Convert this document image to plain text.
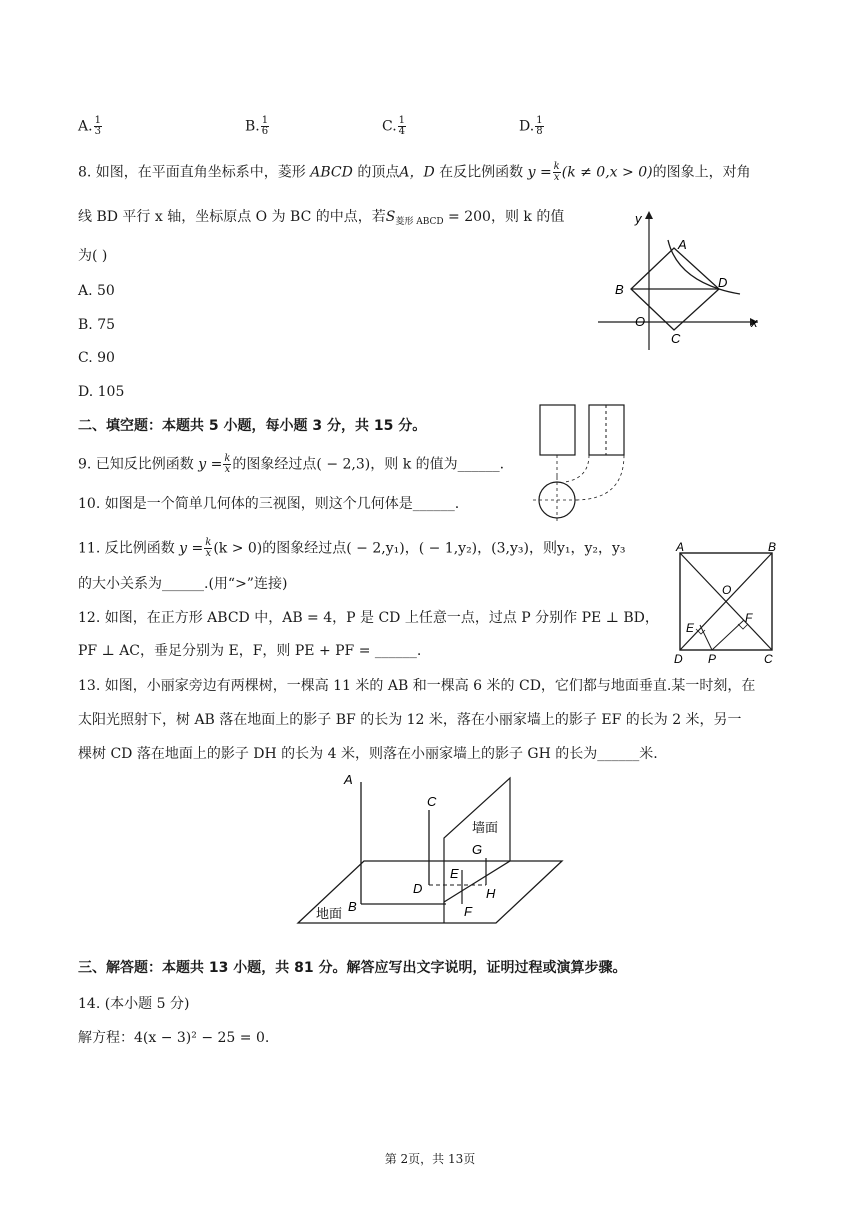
A. $\frac{1}{3}$	B. $\frac{1}{6}$	C. $\frac{1}{4}$	D. $\frac{1}{8}$
8. 如图，在平面直角坐标系中，菱形 ABCD 的顶点A，D 在反比例函数 $y = \frac{k}{x} (k \ne 0,x > 0)$的图象上，对角
线 BD 平行 x 轴，坐标原点 O 为 BC 的中点，若$S_{菱形 ABCD} = 200$，则 k 的值
为( )
A. 50
B. 75
C. 90
D. 105
y
x
A
B	D
O
C
二、填空题：本题共 5 小题，每小题 3 分，共 15 分。
9. 已知反比例函数 $y = \frac{k}{x}$ 的图象经过点( − 2,3)，则 k 的值为______.
10. 如图是一个简单几何体的三视图，则这个几何体是______.
11. 反比例函数 $y = \frac{k}{x} (k > 0)$的图象经过点( − 2,y₁)，( − 1,y₂)，(3,y₃)，则y₁，y₂，y₃
的大小关系为______.(用“>”连接)
A	B
D	C
O
E
F
P
12. 如图，在正方形 ABCD 中，AB = 4，P 是 CD 上任意一点，过点 P 分别作 PE ⊥ BD，
PF ⊥ AC，垂足分别为 E，F，则 PE + PF = ______.
13. 如图，小丽家旁边有两棵树，一棵高 11 米的 AB 和一棵高 6 米的 CD，它们都与地面垂直.某一时刻，在
太阳光照射下，树 AB 落在地面上的影子 BF 的长为 12 米，落在小丽家墙上的影子 EF 的长为 2 米，另一
棵树 CD 落在地面上的影子 DH 的长为 4 米，则落在小丽家墙上的影子 GH 的长为______米.
A
B
C
D
E
F
G
H
墙面
地面
三、解答题：本题共 13 小题，共 81 分。解答应写出文字说明，证明过程或演算步骤。
14. (本小题 5 分)
解方程：4(x − 3)² − 25 = 0.
第 2页，共 13页
